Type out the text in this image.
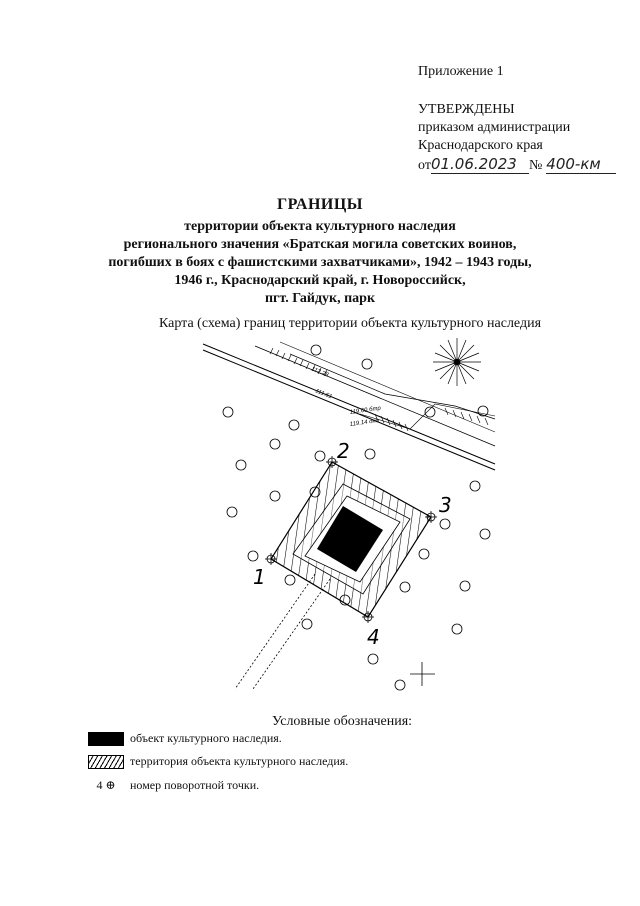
Приложение 1
УТВЕРЖДЕНЫ
приказом администрации
Краснодарского края
от01.06.2023 № 400-км
ГРАНИЦЫ
территории объекта культурного наследия
регионального значения «Братская могила советских воинов,
погибших в боях с фашистскими захватчиками», 1942 – 1943 годы,
1946 г., Краснодарский край, г. Новороссийск,
пгт. Гайдук, парк
Карта (схема) границ территории объекта культурного наследия
112.28
111.61
119.60 бтр
119.14 дно
2
3
4
1
Условные обозначения:
объект культурного наследия.
территория объекта культурного наследия.
4 ⊕	номер поворотной точки.
